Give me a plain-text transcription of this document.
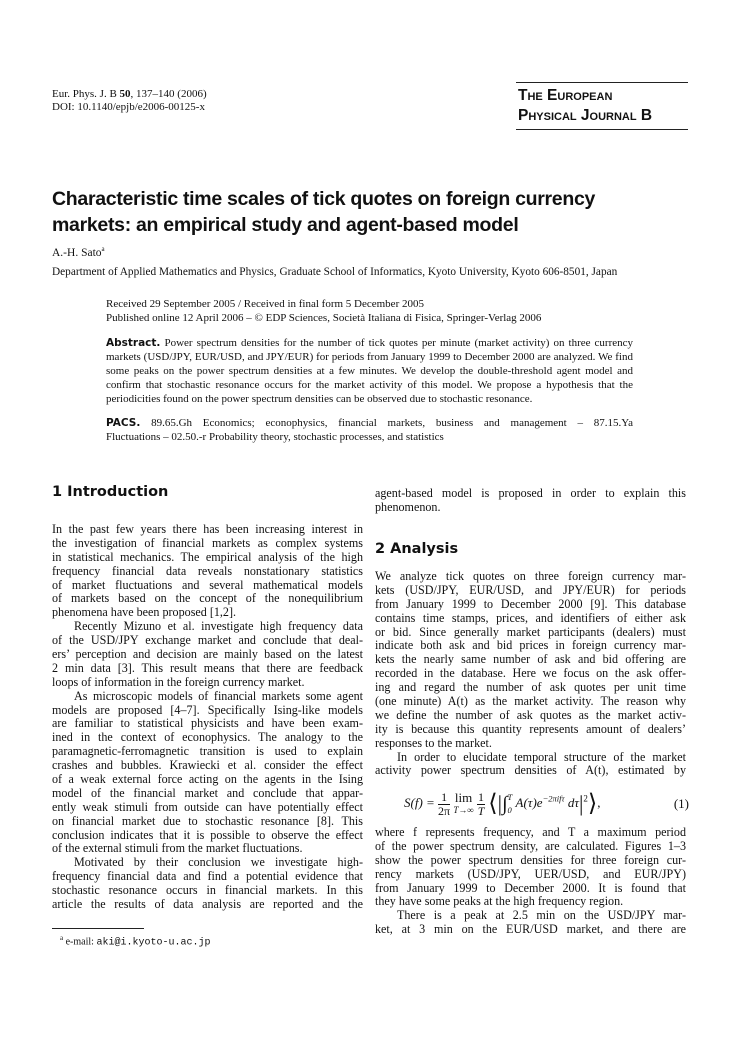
Eur. Phys. J. B 50, 137–140 (2006)
DOI: 10.1140/epjb/e2006-00125-x
The European
Physical Journal B
Characteristic time scales of tick quotes on foreign currency
markets: an empirical study and agent-based model
A.-H. Sato$^a$
Department of Applied Mathematics and Physics, Graduate School of Informatics, Kyoto University, Kyoto 606-8501, Japan
Received 29 September 2005 / Received in final form 5 December 2005
Published online 12 April 2006 – © EDP Sciences, Società Italiana di Fisica, Springer-Verlag 2006
Abstract. Power spectrum densities for the number of tick quotes per minute (market activity) on three currency markets (USD/JPY, EUR/USD, and JPY/EUR) for periods from January 1999 to December 2000 are analyzed. We find some peaks on the power spectrum densities at a few minutes. We develop the double-threshold agent model and confirm that stochastic resonance occurs for the market activity of this model. We propose a hypothesis that the periodicities found on the power spectrum densities can be observed due to stochastic resonance.
PACS. 89.65.Gh Economics; econophysics, financial markets, business and management – 87.15.Ya
Fluctuations – 02.50.-r Probability theory, stochastic processes, and statistics
1 Introduction
In the past few years there has been increasing interest in
the investigation of financial markets as complex systems
in statistical mechanics. The empirical analysis of the high
frequency financial data reveals nonstationary statistics
of market fluctuations and several mathematical models
of markets based on the concept of the nonequilibrium
phenomena have been proposed [1,2].
Recently Mizuno et al. investigate high frequency data
of the USD/JPY exchange market and conclude that deal-
ers’ perception and decision are mainly based on the latest
2 min data [3]. This result means that there are feedback
loops of information in the foreign currency market.
As microscopic models of financial markets some agent
models are proposed [4–7]. Specifically Ising-like models
are familiar to statistical physicists and have been exam-
ined in the context of econophysics. The analogy to the
paramagnetic-ferromagnetic transition is used to explain
crashes and bubbles. Krawiecki et al. consider the effect
of a weak external force acting on the agents in the Ising
model of the financial market and conclude that appar-
ently weak stimuli from outside can have potentially effect
on financial market due to stochastic resonance [8]. This
conclusion indicates that it is possible to observe the effect
of the external stimuli from the market fluctuations.
Motivated by their conclusion we investigate high-
frequency financial data and find a potential evidence that
stochastic resonance occurs in financial markets. In this
article the results of data analysis are reported and the
agent-based model is proposed in order to explain this
phenomenon.
2 Analysis
We analyze tick quotes on three foreign currency mar-
kets (USD/JPY, EUR/USD, and JPY/EUR) for periods
from January 1999 to December 2000 [9]. This database
contains time stamps, prices, and identifiers of either ask
or bid. Since generally market participants (dealers) must
indicate both ask and bid prices in foreign currency mar-
kets the nearly same number of ask and bid offering are
recorded in the database. Here we focus on the ask offer-
ing and regard the number of ask quotes per unit time
(one minute) A(t) as the market activity. The reason why
we define the number of ask quotes as the market activ-
ity is because this quantity represents amount of dealers’
responses to the market.
In order to elucidate temporal structure of the market
activity power spectrum densities of A(t), estimated by
$S(f) = \frac{1}{2\pi}$
lim
T→∞
$\frac{1}{T}$ ⟨|∫ T
0
$A(\tau)e^{-2\pi if\tau}$ $d\tau|^2⟩$,	(1)
where f represents frequency, and T a maximum period
of the power spectrum density, are calculated. Figures 1–3
show the power spectrum densities for three foreign cur-
rency markets (USD/JPY, UER/USD, and EUR/JPY)
from January 1999 to December 2000. It is found that
they have some peaks at the high frequency region.
There is a peak at 2.5 min on the USD/JPY mar-
ket, at 3 min on the EUR/USD market, and there are
$^a$ e-mail: aki@i.kyoto-u.ac.jp
